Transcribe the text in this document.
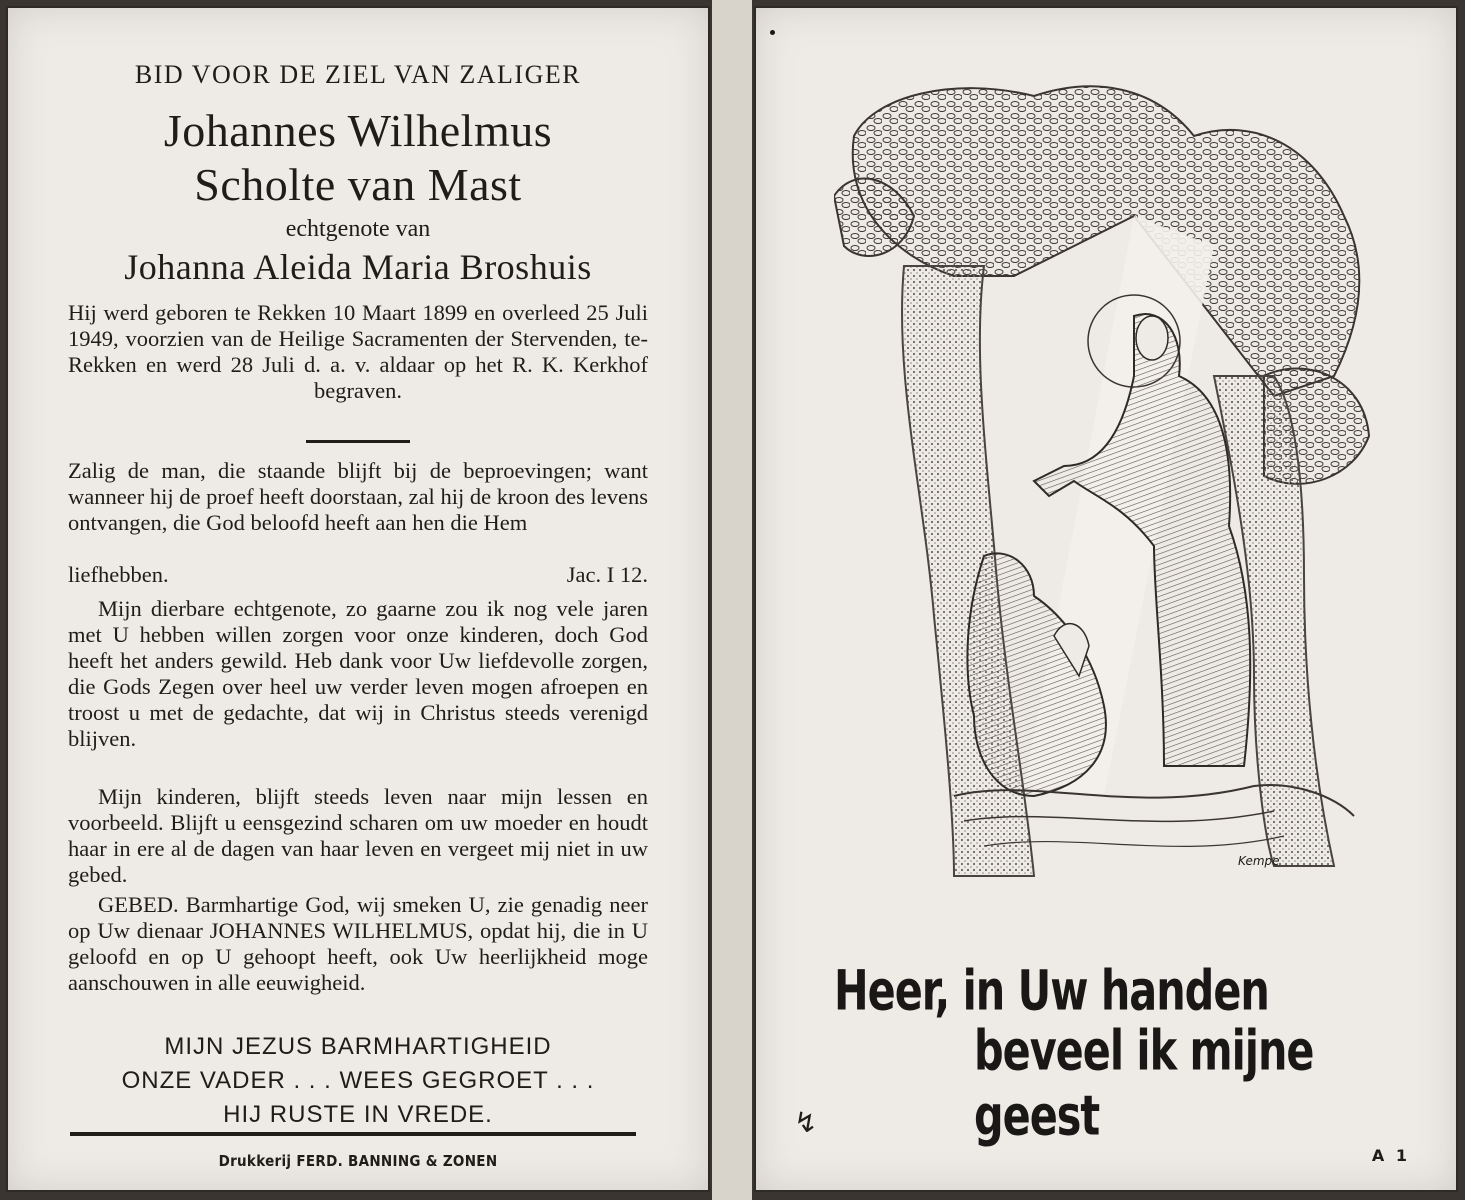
BID VOOR DE ZIEL VAN ZALIGER
Johannes Wilhelmus
Scholte van Mast
echtgenote van
Johanna Aleida Maria Broshuis
Hij werd geboren te Rekken 10 Maart 1899 en overleed 25 Juli 1949, voorzien van de Heilige Sacramenten der Stervenden, te-Rekken en werd 28 Juli d. a. v. aldaar op het R. K. Kerkhof begraven.
Zalig de man, die staande blijft bij de beproevingen; want wanneer hij de proef heeft doorstaan, zal hij de kroon des levens ontvangen, die God beloofd heeft aan hen die Hem
liefhebben.	Jac. I 12.
Mijn dierbare echtgenote, zo gaarne zou ik nog vele jaren met U hebben willen zorgen voor onze kinderen, doch God heeft het anders gewild. Heb dank voor Uw liefdevolle zorgen, die Gods Zegen over heel uw verder leven mogen afroepen en troost u met de gedachte, dat wij in Christus steeds verenigd blijven.
Mijn kinderen, blijft steeds leven naar mijn lessen en voorbeeld. Blijft u eensgezind scharen om uw moeder en houdt haar in ere al de dagen van haar leven en vergeet mij niet in uw gebed.
GEBED. Barmhartige God, wij smeken U, zie genadig neer op Uw dienaar JOHANNES WILHELMUS, opdat hij, die in U geloofd en op U gehoopt heeft, ook Uw heerlijkheid moge aanschouwen in alle eeuwigheid.
MIJN JEZUS BARMHARTIGHEID
ONZE VADER . . . WEES GEGROET . . .
HIJ RUSTE IN VREDE.
Drukkerij FERD. BANNING & ZONEN
Kempe
Heer, in Uw handen
beveel ik mijne geest
↯
A 1
